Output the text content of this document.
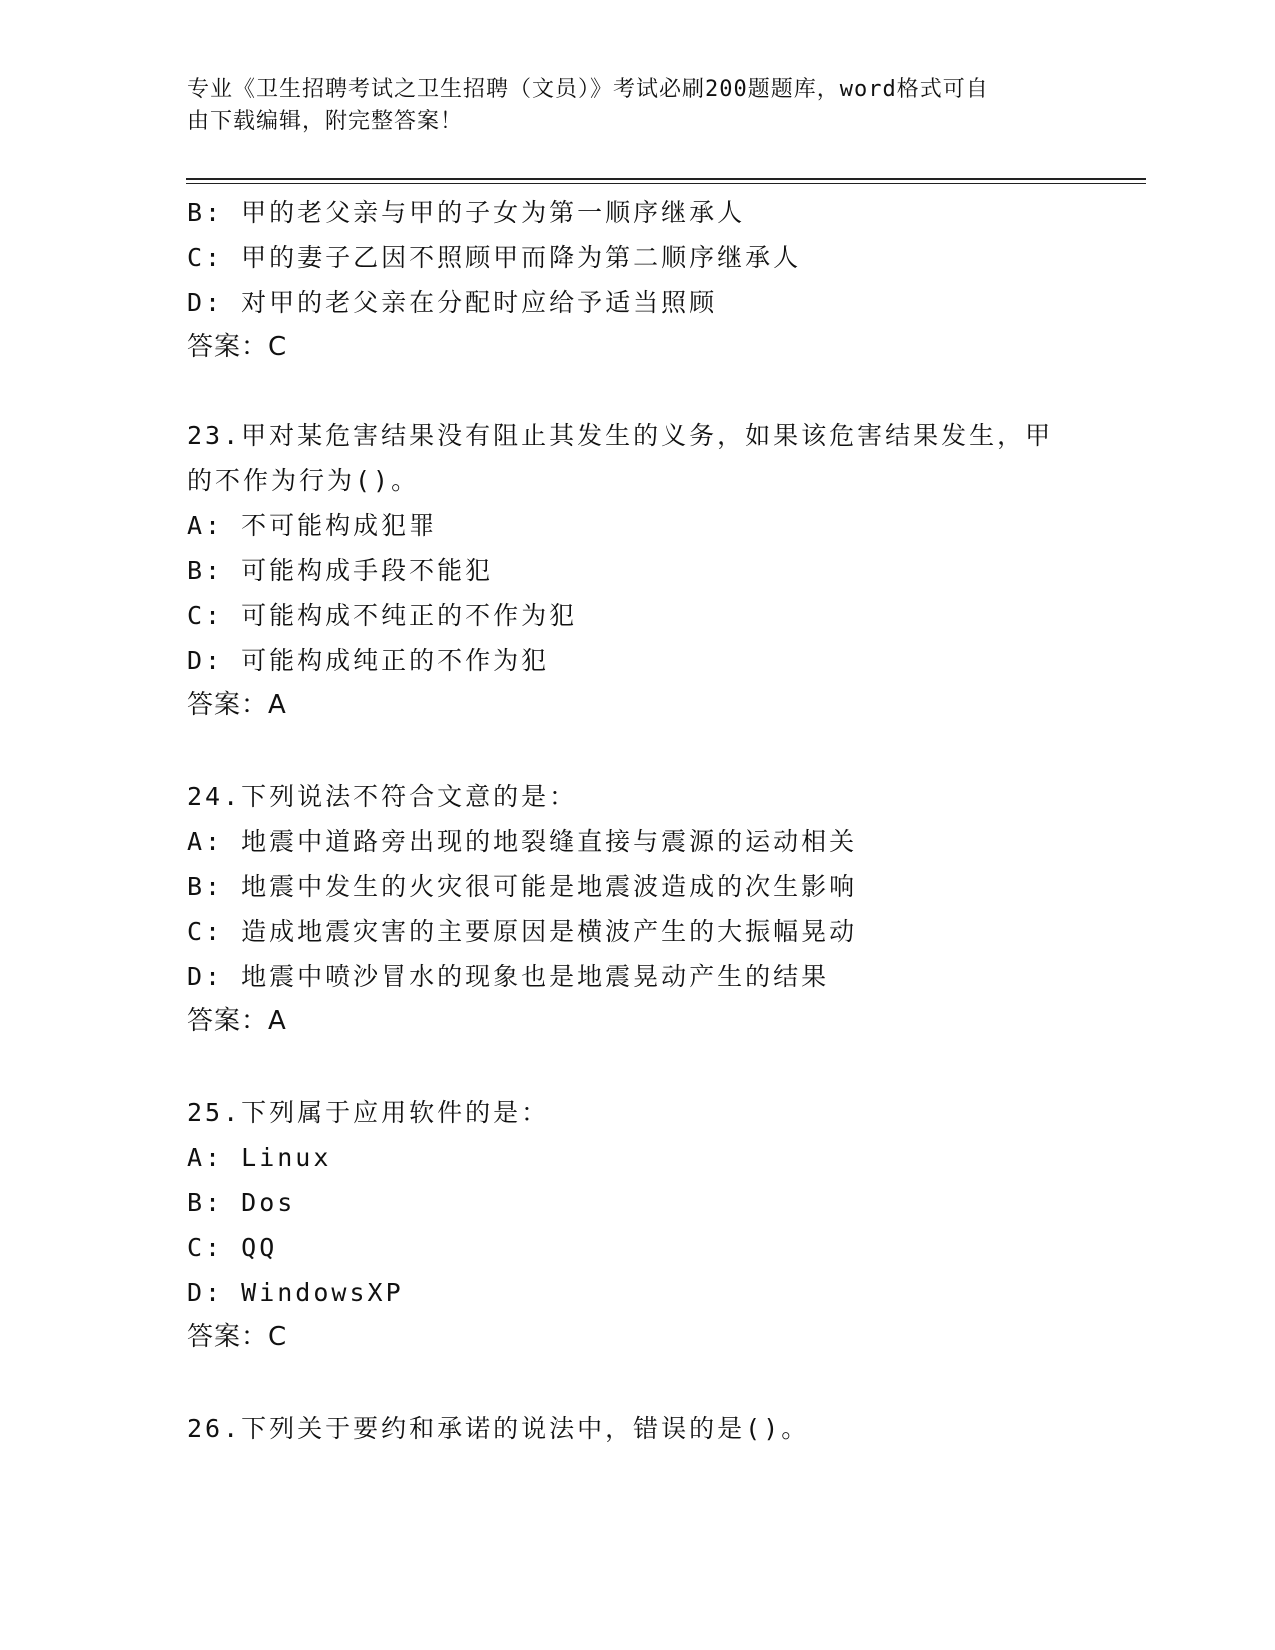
专业《卫生招聘考试之卫生招聘（文员）》考试必刷200题题库，word格式可自
由下载编辑，附完整答案！
B: 甲的老父亲与甲的子女为第一顺序继承人
C: 甲的妻子乙因不照顾甲而降为第二顺序继承人
D: 对甲的老父亲在分配时应给予适当照顾
答案：C
23.甲对某危害结果没有阻止其发生的义务，如果该危害结果发生，甲
的不作为行为()。
A: 不可能构成犯罪
B: 可能构成手段不能犯
C: 可能构成不纯正的不作为犯
D: 可能构成纯正的不作为犯
答案：A
24.下列说法不符合文意的是：
A: 地震中道路旁出现的地裂缝直接与震源的运动相关
B: 地震中发生的火灾很可能是地震波造成的次生影响
C: 造成地震灾害的主要原因是横波产生的大振幅晃动
D: 地震中喷沙冒水的现象也是地震晃动产生的结果
答案：A
25.下列属于应用软件的是：
A: Linux
B: Dos
C: QQ
D: WindowsXP
答案：C
26.下列关于要约和承诺的说法中，错误的是()。
